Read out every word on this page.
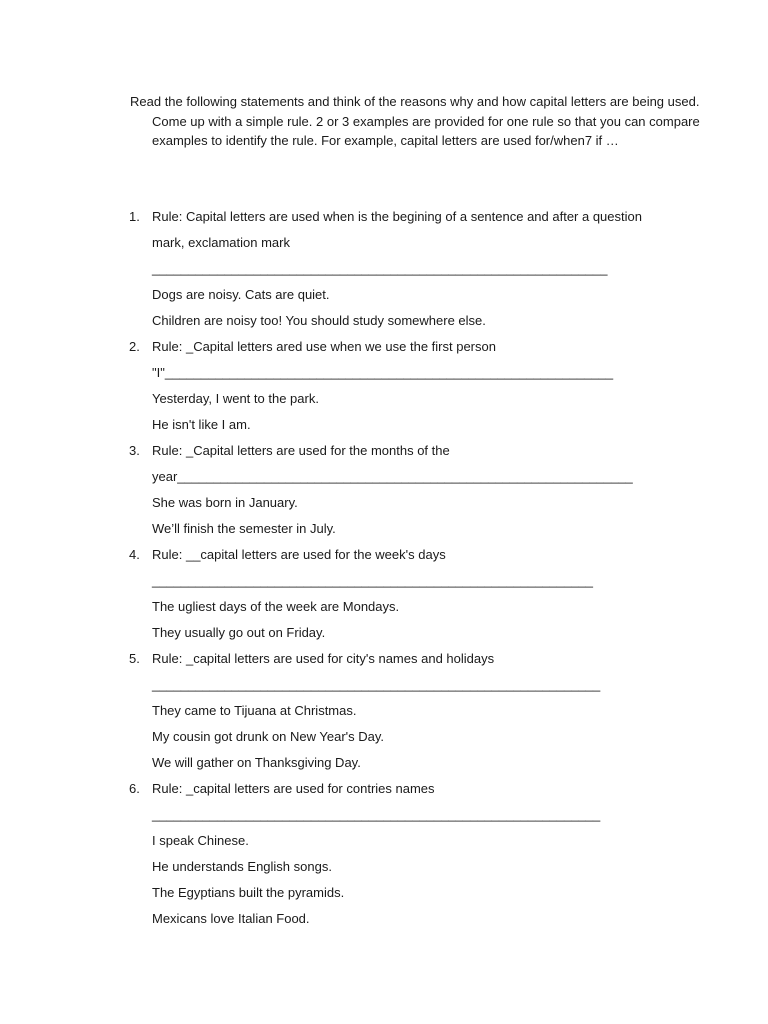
Read the following statements and think of the reasons why and how capital letters are being used. Come up with a simple rule. 2 or 3 examples are provided for one rule so that you can compare examples to identify the rule. For example, capital letters are used for/when7 if …

1. Rule: Capital letters are used when is the begining of a sentence and after a question
mark, exclamation mark
_______________________________________________________________
Dogs are noisy. Cats are quiet.
Children are noisy too! You should study somewhere else.
2. Rule: _Capital letters ared use when we use the first person
"I"______________________________________________________________
Yesterday, I went to the park.
He isn't like I am.
3. Rule: _Capital letters are used for the months of the
year_______________________________________________________________
She was born in January.
We’ll finish the semester in July.
4. Rule: __capital letters are used for the week's days
_____________________________________________________________
The ugliest days of the week are Mondays.
They usually go out on Friday.
5. Rule: _capital letters are used for city's names and holidays
______________________________________________________________
They came to Tijuana at Christmas.
My cousin got drunk on New Year's Day.
We will gather on Thanksgiving Day.
6. Rule: _capital letters are used for contries names
______________________________________________________________
I speak Chinese.
He understands English songs.
The Egyptians built the pyramids.
Mexicans love Italian Food.
